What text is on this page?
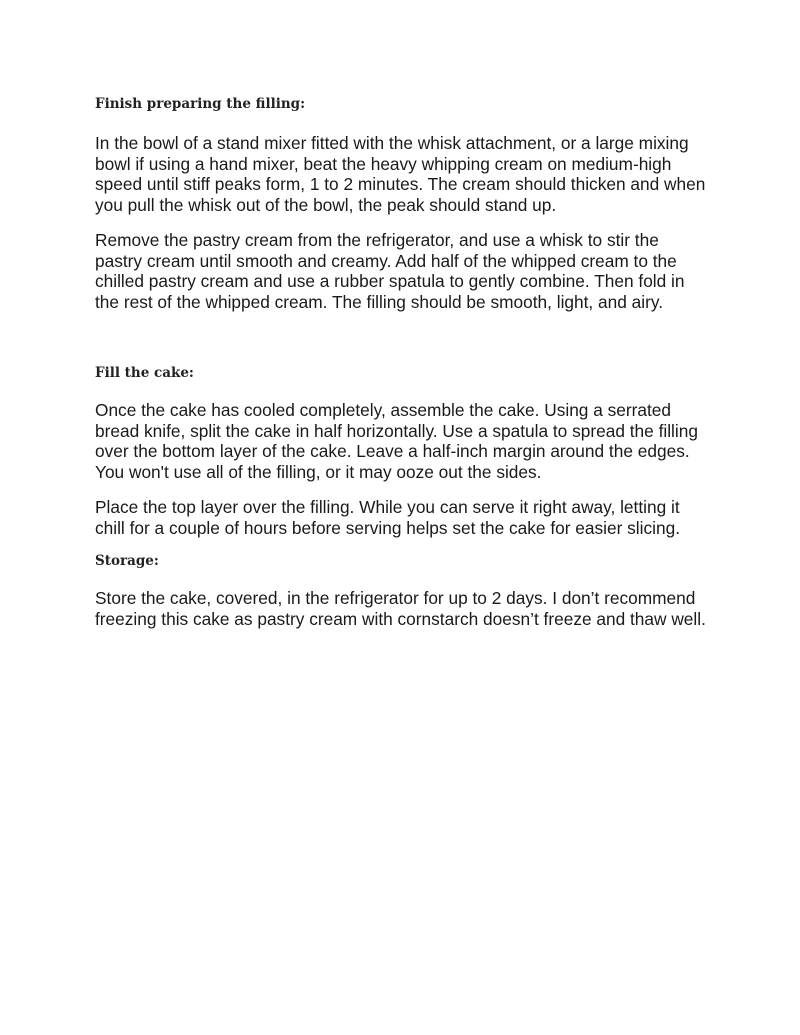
Finish preparing the filling:

In the bowl of a stand mixer fitted with the whisk attachment, or a large mixing bowl if using a hand mixer, beat the heavy whipping cream on medium-high speed until stiff peaks form, 1 to 2 minutes. The cream should thicken and when you pull the whisk out of the bowl, the peak should stand up.

Remove the pastry cream from the refrigerator, and use a whisk to stir the pastry cream until smooth and creamy. Add half of the whipped cream to the chilled pastry cream and use a rubber spatula to gently combine. Then fold in the rest of the whipped cream. The filling should be smooth, light, and airy.

Fill the cake:

Once the cake has cooled completely, assemble the cake. Using a serrated bread knife, split the cake in half horizontally. Use a spatula to spread the filling over the bottom layer of the cake. Leave a half-inch margin around the edges. You won't use all of the filling, or it may ooze out the sides.

Place the top layer over the filling. While you can serve it right away, letting it chill for a couple of hours before serving helps set the cake for easier slicing.

Storage:

Store the cake, covered, in the refrigerator for up to 2 days. I don’t recommend freezing this cake as pastry cream with cornstarch doesn’t freeze and thaw well.
